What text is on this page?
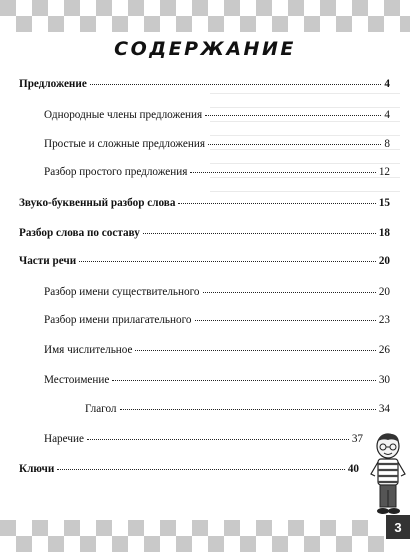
СОДЕРЖАНИЕ
Предложение	4
Однородные члены предложения	4
Простые и сложные предложения	8
Разбор простого предложения	12
Звуко-буквенный разбор слова	15
Разбор слова по составу	18
Части речи	20
Разбор имени существительного	20
Разбор имени прилагательного	23
Имя числительное	26
Местоимение	30
Глагол	34
Наречие	37
Ключи	40
3
